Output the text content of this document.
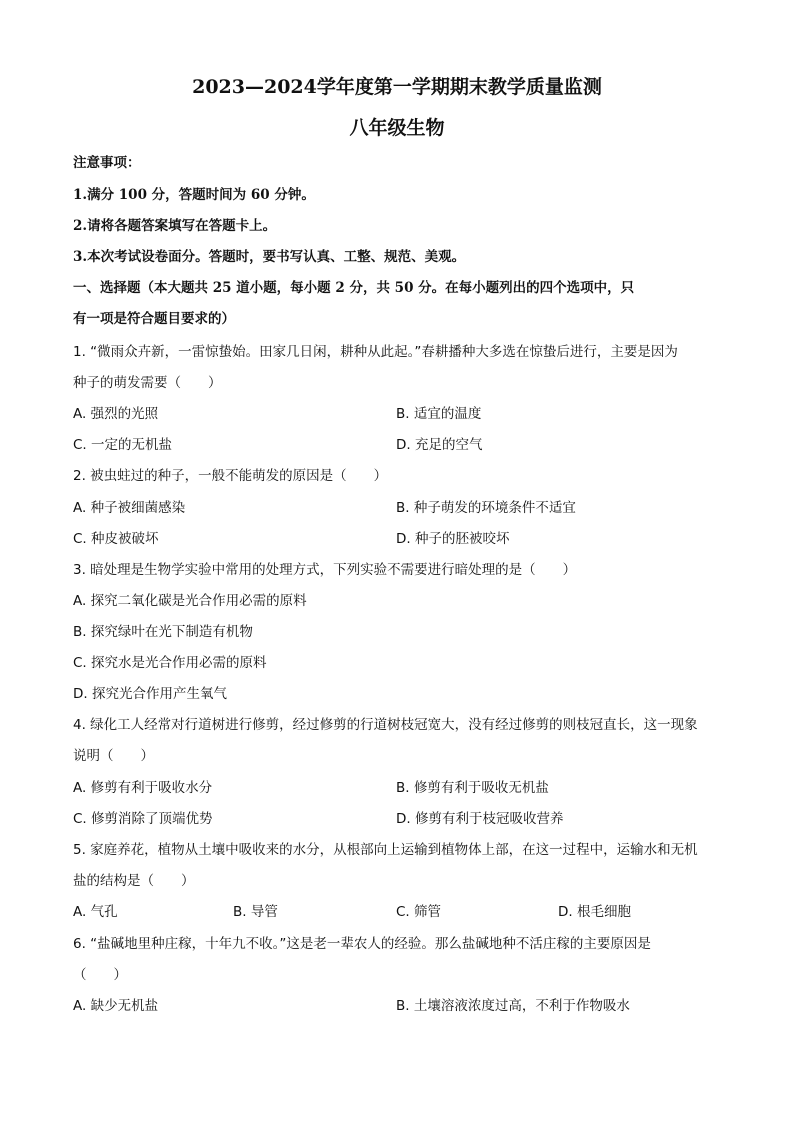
2023—2024学年度第一学期期末教学质量监测
八年级生物
注意事项：
1.满分 100 分，答题时间为 60 分钟。
2.请将各题答案填写在答题卡上。
3.本次考试设卷面分。答题时，要书写认真、工整、规范、美观。
一、选择题（本大题共 25 道小题，每小题 2 分，共 50 分。在每小题列出的四个选项中，只
有一项是符合题目要求的）
1. “微雨众卉新，一雷惊蛰始。田家几日闲，耕种从此起。”春耕播种大多选在惊蛰后进行，主要是因为
种子的萌发需要（　　）
A. 强烈的光照	B. 适宜的温度
C. 一定的无机盐	D. 充足的空气
2. 被虫蛀过的种子，一般不能萌发的原因是（　　）
A. 种子被细菌感染	B. 种子萌发的环境条件不适宜
C. 种皮被破坏	D. 种子的胚被咬坏
3. 暗处理是生物学实验中常用的处理方式，下列实验不需要进行暗处理的是（　　）
A. 探究二氧化碳是光合作用必需的原料
B. 探究绿叶在光下制造有机物
C. 探究水是光合作用必需的原料
D. 探究光合作用产生氧气
4. 绿化工人经常对行道树进行修剪，经过修剪的行道树枝冠宽大，没有经过修剪的则枝冠直长，这一现象
说明（　　）
A. 修剪有利于吸收水分	B. 修剪有利于吸收无机盐
C. 修剪消除了顶端优势	D. 修剪有利于枝冠吸收营养
5. 家庭养花，植物从土壤中吸收来的水分，从根部向上运输到植物体上部，在这一过程中，运输水和无机
盐的结构是（　　）
A. 气孔	B. 导管	C. 筛管	D. 根毛细胞
6. “盐碱地里种庄稼，十年九不收。”这是老一辈农人的经验。那么盐碱地种不活庄稼的主要原因是
（　　）
A. 缺少无机盐	B. 土壤溶液浓度过高，不利于作物吸水
